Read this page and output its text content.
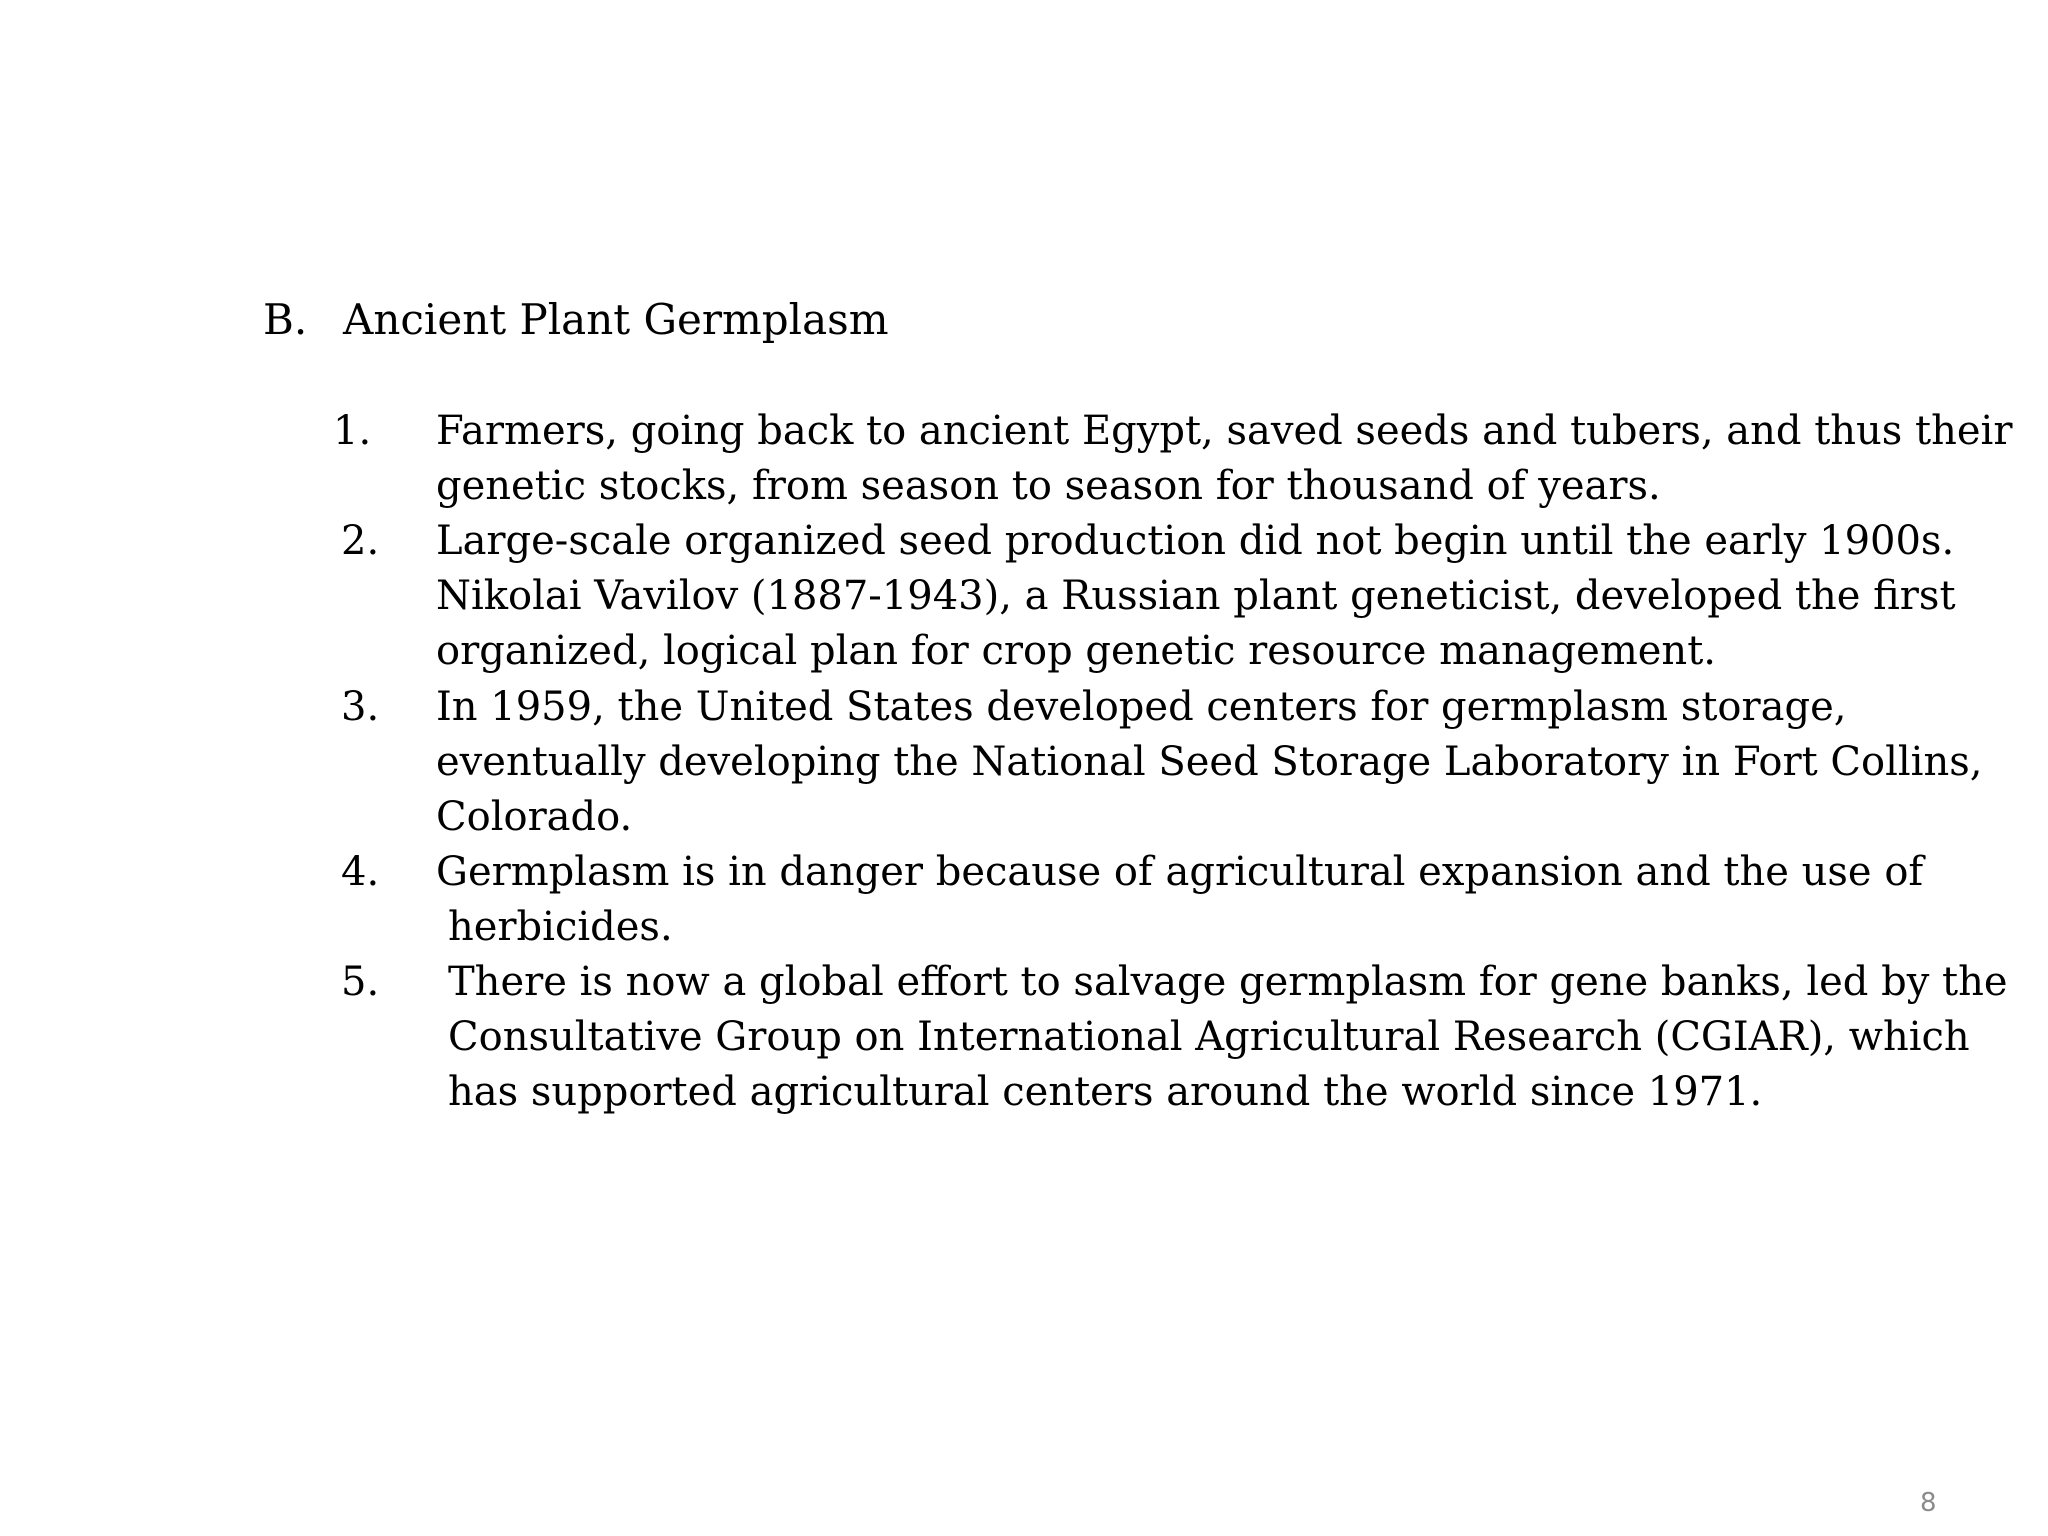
B. Ancient Plant Germplasm
1. Farmers, going back to ancient Egypt, saved seeds and tubers, and thus their
genetic stocks, from season to season for thousand of years.
2. Large-scale organized seed production did not begin until the early 1900s.
Nikolai Vavilov (1887-1943), a Russian plant geneticist, developed the first
organized, logical plan for crop genetic resource management.
3. In 1959, the United States developed centers for germplasm storage,
eventually developing the National Seed Storage Laboratory in Fort Collins,
Colorado.
4. Germplasm is in danger because of agricultural expansion and the use of
herbicides.
5. There is now a global effort to salvage germplasm for gene banks, led by the
Consultative Group on International Agricultural Research (CGIAR), which
has supported agricultural centers around the world since 1971.
8
